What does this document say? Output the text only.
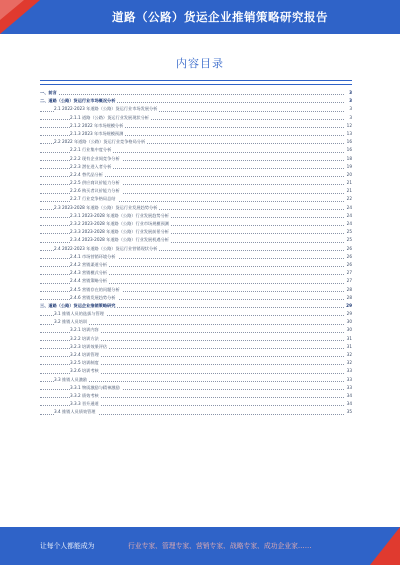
道路（公路）货运企业推销策略研究报告
内容目录
一、前言	3
二、道路（公路）货运行业市场概况分析	3
2.1 2022-2023 年道路（公路）货运行业市场发展分析	3
2.1.1 道路（公路）货运行业发展现状分析	3
2.1.2 2022 年市场规模分析	12
2.1.3 2023 年市场规模预测	13
2.2 2022 年道路（公路）货运行业竞争格局分析	16
2.2.1 行业集中度分析	16
2.2.2 现有企业间竞争分析	18
2.2.3 潜在进入者分析	19
2.2.4 替代品分析	20
2.2.5 供应商议价能力分析	21
2.2.6 购买者议价能力分析	21
2.2.7 行业竞争格局总结	22
2.3 2023-2028 年道路（公路）货运行业发展趋势分析	24
2.3.1 2023-2028 年道路（公路）行业发展趋势分析	24
2.3.2 2023-2028 年道路（公路）行业市场规模预测	24
2.3.3 2023-2028 年道路（公路）行业发展前景分析	25
2.3.4 2023-2028 年道路（公路）行业发展机遇分析	25
2.4 2022-2023 年道路（公路）货运行业营销现状分析	26
2.4.1 市场营销环境分析	26
2.4.2 营销渠道分析	26
2.4.3 营销模式分析	27
2.4.4 营销策略分析	27
2.4.5 营销存在的问题分析	28
2.4.6 营销发展趋势分析	28
三、道路（公路）货运企业推销策略研究	29
3.1 推销人员的选拔与管理	29
3.2 推销人员培训	30
3.2.1 培训内容	30
3.2.2 培训方法	31
3.2.3 培训效果评估	31
3.2.4 培训管理	32
3.2.5 培训制度	32
3.2.6 培训考核	33
3.3 推销人员激励	33
3.3.1 物质激励与精神激励	33
3.3.2 绩效考核	34
3.3.3 晋升通道	34
3.4 推销人员绩效管理	35
让每个人都能成为	行业专家、管理专家、营销专家、战略专家、成功企业家……
